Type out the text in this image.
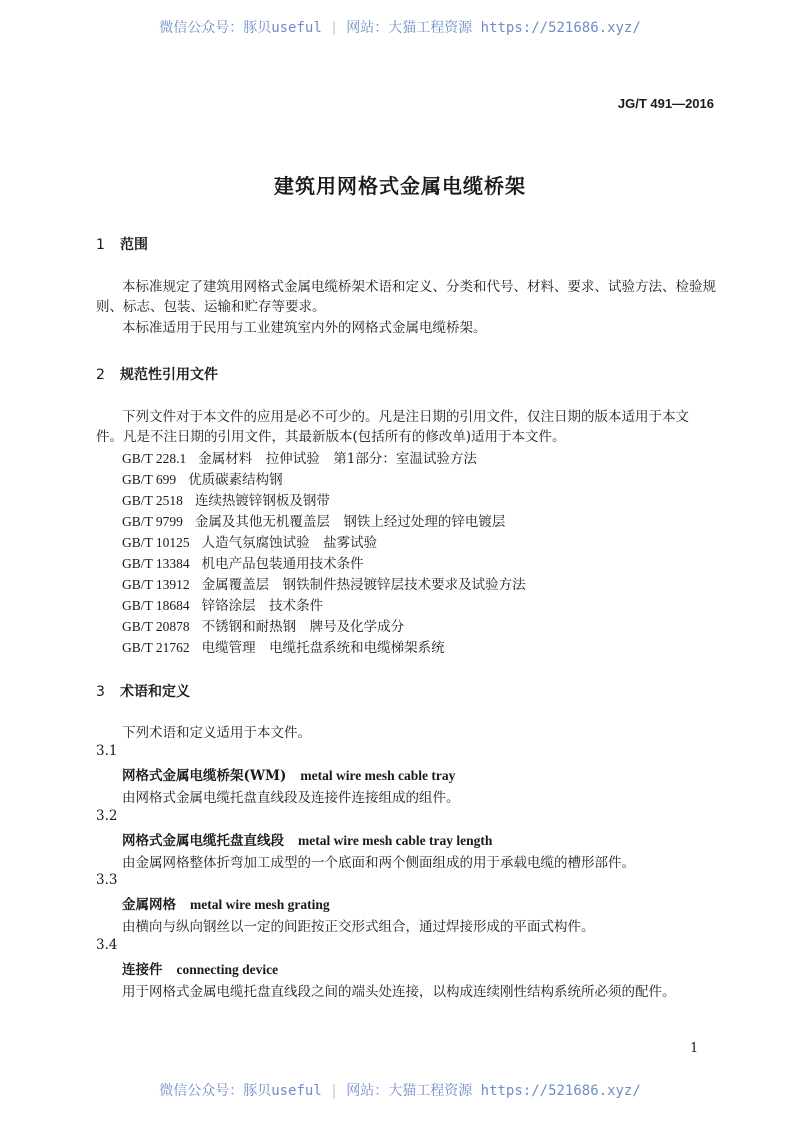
微信公众号：豚贝useful | 网站：大猫工程资源 https://521686.xyz/
JG/T 491—2016
建筑用网格式金属电缆桥架
1 范围
本标准规定了建筑用网格式金属电缆桥架术语和定义、分类和代号、材料、要求、试验方法、检验规
则、标志、包装、运输和贮存等要求。
本标准适用于民用与工业建筑室内外的网格式金属电缆桥架。
2 规范性引用文件
下列文件对于本文件的应用是必不可少的。凡是注日期的引用文件，仅注日期的版本适用于本文
件。凡是不注日期的引用文件，其最新版本(包括所有的修改单)适用于本文件。
GB/T 228.1 金属材料　拉伸试验　第1部分：室温试验方法
GB/T 699 优质碳素结构钢
GB/T 2518 连续热镀锌钢板及钢带
GB/T 9799 金属及其他无机覆盖层　钢铁上经过处理的锌电镀层
GB/T 10125 人造气氛腐蚀试验　盐雾试验
GB/T 13384 机电产品包装通用技术条件
GB/T 13912 金属覆盖层　钢铁制件热浸镀锌层技术要求及试验方法
GB/T 18684 锌铬涂层　技术条件
GB/T 20878 不锈钢和耐热钢　牌号及化学成分
GB/T 21762 电缆管理　电缆托盘系统和电缆梯架系统
3 术语和定义
下列术语和定义适用于本文件。
3.1
网格式金属电缆桥架(WM) metal wire mesh cable tray
由网格式金属电缆托盘直线段及连接件连接组成的组件。
3.2
网格式金属电缆托盘直线段 metal wire mesh cable tray length
由金属网格整体折弯加工成型的一个底面和两个侧面组成的用于承载电缆的槽形部件。
3.3
金属网格 metal wire mesh grating
由横向与纵向钢丝以一定的间距按正交形式组合，通过焊接形成的平面式构件。
3.4
连接件 connecting device
用于网格式金属电缆托盘直线段之间的端头处连接，以构成连续刚性结构系统所必须的配件。
1
微信公众号：豚贝useful | 网站：大猫工程资源 https://521686.xyz/
